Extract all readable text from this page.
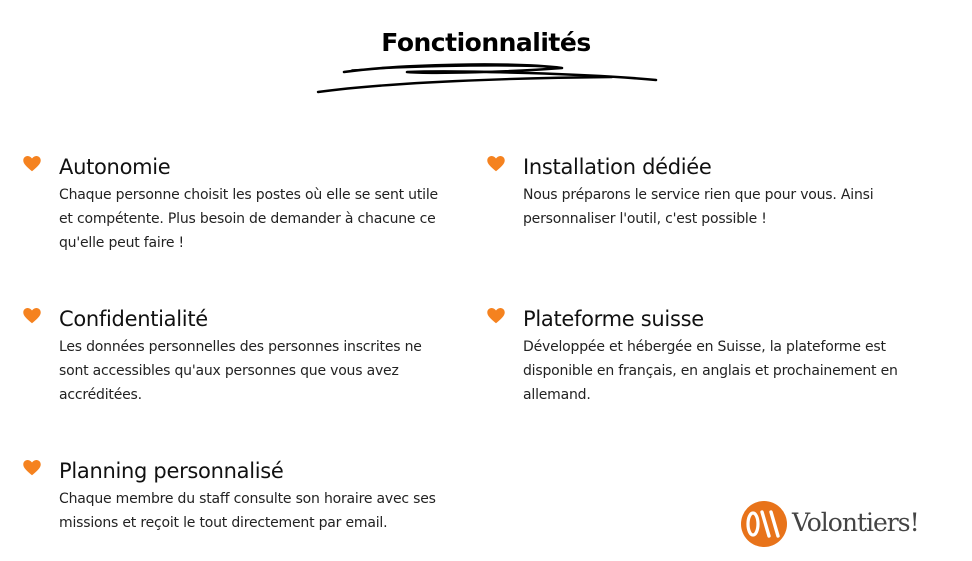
Fonctionnalités
Autonomie

Chaque personne choisit les postes où elle se sent utile et compétente. Plus besoin de demander à chacune ce qu'elle peut faire !

Installation dédiée

Nous préparons le service rien que pour vous. Ainsi personnaliser l'outil, c'est possible !

Confidentialité

Les données personnelles des personnes inscrites ne sont accessibles qu'aux personnes que vous avez accréditées.

Plateforme suisse

Développée et hébergée en Suisse, la plateforme est disponible en français, en anglais et prochainement en allemand.

Planning personnalisé

Chaque membre du staff consulte son horaire avec ses missions et reçoit le tout directement par email.	Volontiers!
